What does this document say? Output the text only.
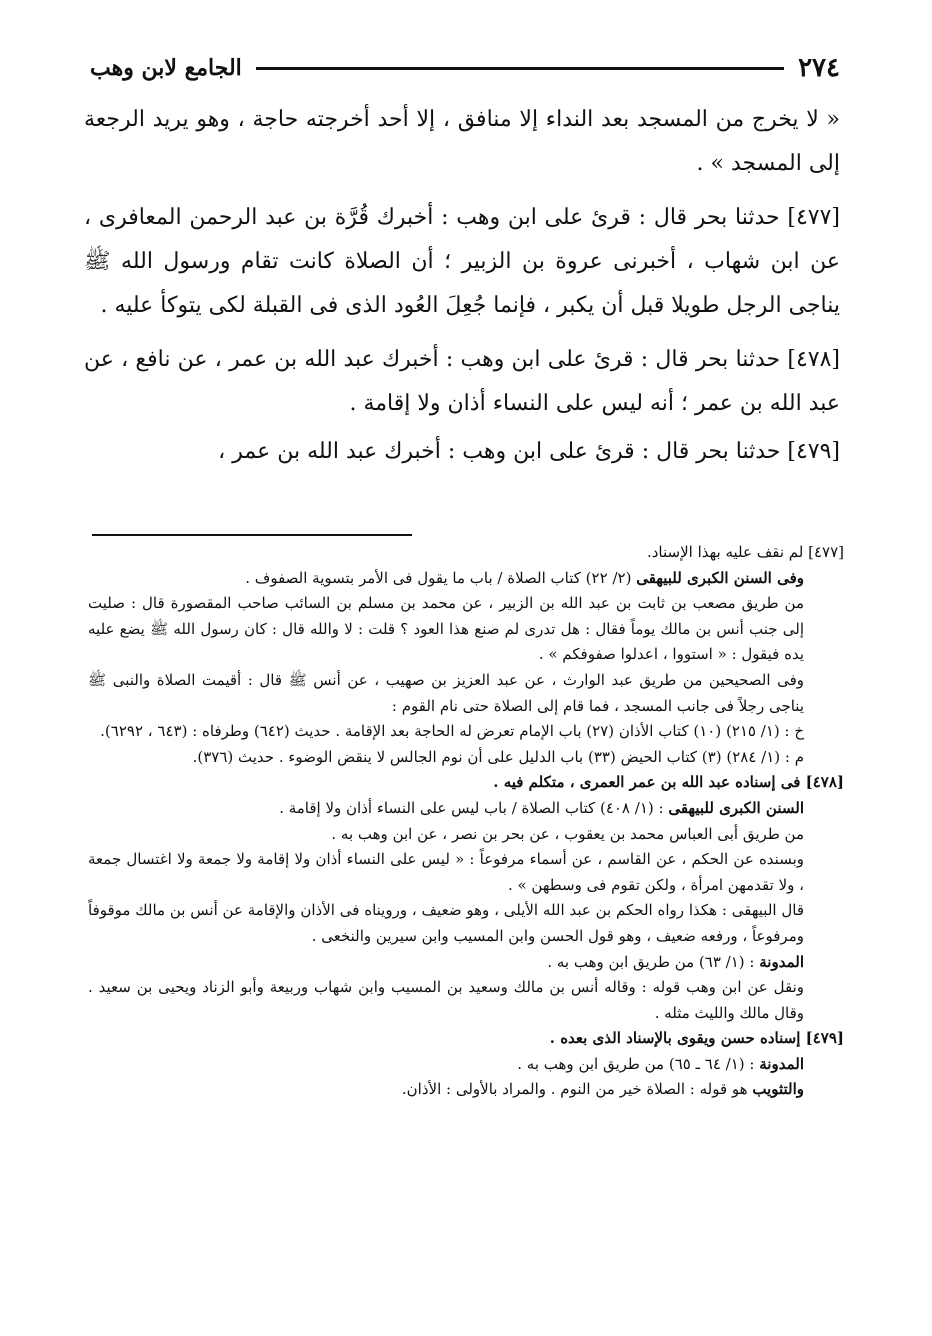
٢٧٤
الجامع لابن وهب

« لا يخرج من المسجد بعد النداء إلا منافق ، إلا أحد أخرجته حاجة ، وهو يريد الرجعة إلى المسجد » .

[٤٧٧] حدثنا بحر قال : قرئ على ابن وهب : أخبرك قُرَّة بن عبد الرحمن المعافرى ، عن ابن شهاب ، أخبرنى عروة بن الزبير ؛ أن الصلاة كانت تقام ورسول الله ﷺ يناجى الرجل طويلا قبل أن يكبر ، فإنما جُعِلَ العُود الذى فى القبلة لكى يتوكأ عليه .

[٤٧٨] حدثنا بحر قال : قرئ على ابن وهب : أخبرك عبد الله بن عمر ، عن نافع ، عن عبد الله بن عمر ؛ أنه ليس على النساء أذان ولا إقامة .

[٤٧٩] حدثنا بحر قال : قرئ على ابن وهب : أخبرك عبد الله بن عمر ،

[٤٧٧] لم نقف عليه بهذا الإسناد.

وفى السنن الكبرى للبيهقى (٢/ ٢٢) كتاب الصلاة / باب ما يقول فى الأمر بتسوية الصفوف .

من طريق مصعب بن ثابت بن عبد الله بن الزبير ، عن محمد بن مسلم بن السائب صاحب المقصورة قال : صليت إلى جنب أنس بن مالك يوماً فقال : هل تدرى لم صنع هذا العود ؟ قلت : لا والله قال : كان رسول الله ﷺ يضع عليه يده فيقول : « استووا ، اعدلوا صفوفكم » .

وفى الصحيحين من طريق عبد الوارث ، عن عبد العزيز بن صهيب ، عن أنس ﷺ قال : أقيمت الصلاة والنبى ﷺ يناجى رجلاً فى جانب المسجد ، فما قام إلى الصلاة حتى نام القوم :

خ : (١/ ٢١٥) (١٠) كتاب الأذان (٢٧) باب الإمام تعرض له الحاجة بعد الإقامة . حديث (٦٤٢) وطرفاه : (٦٤٣ ، ٦٢٩٢).

م : (١/ ٢٨٤) (٣) كتاب الحيض (٣٣) باب الدليل على أن نوم الجالس لا ينقض الوضوء . حديث (٣٧٦).

[٤٧٨] فى إسناده عبد الله بن عمر العمرى ، متكلم فيه .

السنن الكبرى للبيهقى : (١/ ٤٠٨) كتاب الصلاة / باب ليس على النساء أذان ولا إقامة .

من طريق أبى العباس محمد بن يعقوب ، عن بحر بن نصر ، عن ابن وهب به .

وبسنده عن الحكم ، عن القاسم ، عن أسماء مرفوعاً : « ليس على النساء أذان ولا إقامة ولا جمعة ولا اغتسال جمعة ، ولا تقدمهن امرأة ، ولكن تقوم فى وسطهن » .

قال البيهقى : هكذا رواه الحكم بن عبد الله الأيلى ، وهو ضعيف ، ورويناه فى الأذان والإقامة عن أنس بن مالك موقوفاً ومرفوعاً ، ورفعه ضعيف ، وهو قول الحسن وابن المسيب وابن سيرين والنخعى .

المدونة : (١/ ٦٣) من طريق ابن وهب به .

ونقل عن ابن وهب قوله : وقاله أنس بن مالك وسعيد بن المسيب وابن شهاب وربيعة وأبو الزناد ويحيى بن سعيد . وقال مالك والليث مثله .

[٤٧٩] إسناده حسن ويقوى بالإسناد الذى بعده .

المدونة : (١/ ٦٤ ـ ٦٥) من طريق ابن وهب به .

والتثويب هو قوله : الصلاة خير من النوم . والمراد بالأولى : الأذان.
